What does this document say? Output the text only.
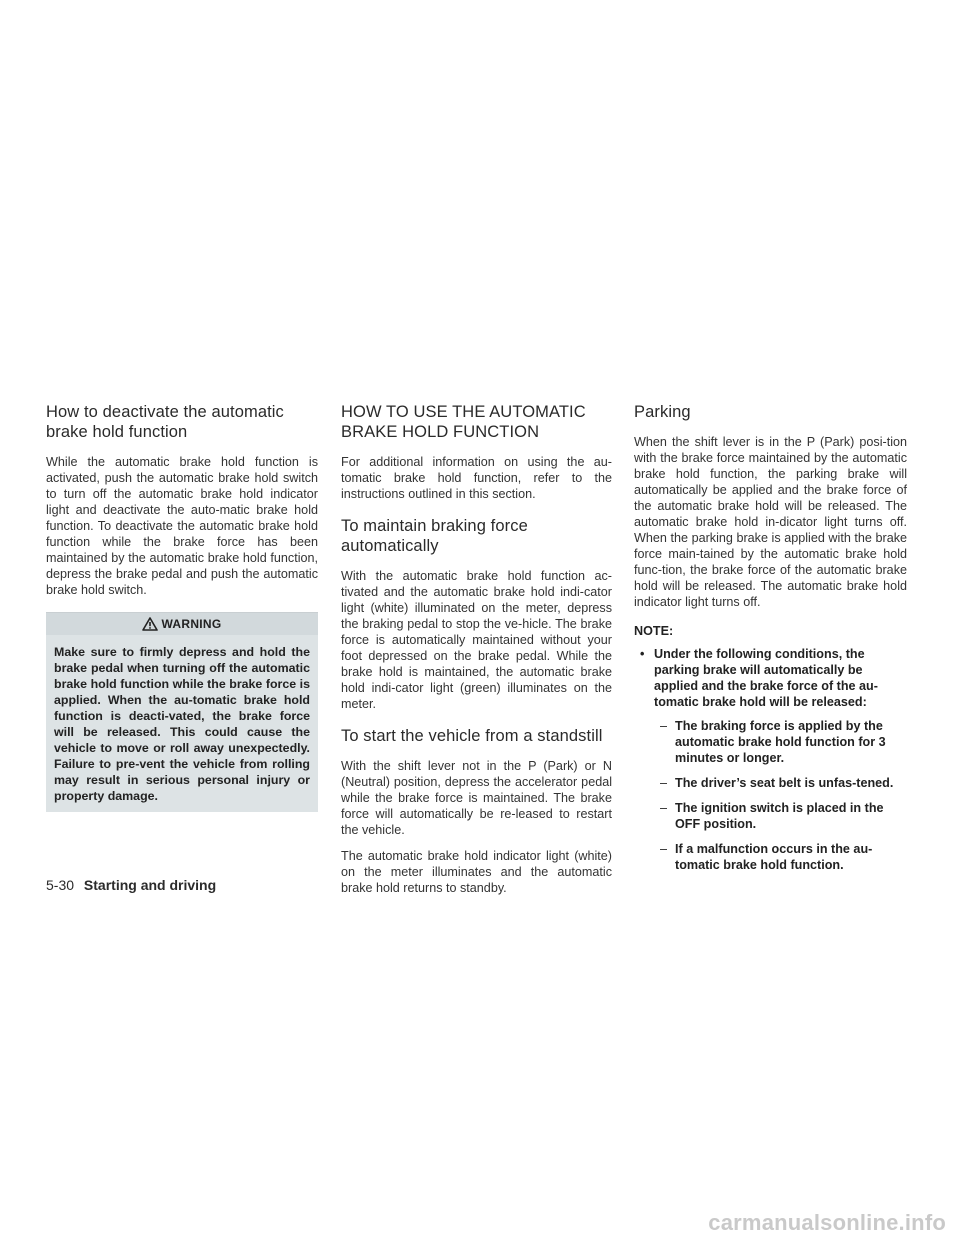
How to deactivate the automatic brake hold function

While the automatic brake hold function is activated, push the automatic brake hold switch to turn off the automatic brake hold indicator light and deactivate the auto-matic brake hold function. To deactivate the automatic brake hold function while the brake force has been maintained by the automatic brake hold function, depress the brake pedal and push the automatic brake hold switch.

WARNING
Make sure to firmly depress and hold the brake pedal when turning off the automatic brake hold function while the brake force is applied. When the au-tomatic brake hold function is deacti-vated, the brake force will be released. This could cause the vehicle to move or roll away unexpectedly. Failure to pre-vent the vehicle from rolling may result in serious personal injury or property damage.
HOW TO USE THE AUTOMATIC BRAKE HOLD FUNCTION

For additional information on using the au-tomatic brake hold function, refer to the instructions outlined in this section.

To maintain braking force automatically

With the automatic brake hold function ac-tivated and the automatic brake hold indi-cator light (white) illuminated on the meter, depress the braking pedal to stop the ve-hicle. The brake force is automatically maintained without your foot depressed on the brake pedal. While the brake hold is maintained, the automatic brake hold indi-cator light (green) illuminates on the meter.

To start the vehicle from a standstill

With the shift lever not in the P (Park) or N (Neutral) position, depress the accelerator pedal while the brake force is maintained. The brake force will automatically be re-leased to restart the vehicle.

The automatic brake hold indicator light (white) on the meter illuminates and the automatic brake hold returns to standby.

Parking

When the shift lever is in the P (Park) posi-tion with the brake force maintained by the automatic brake hold function, the parking brake will automatically be applied and the brake force of the automatic brake hold will be released. The automatic brake hold in-dicator light turns off. When the parking brake is applied with the brake force main-tained by the automatic brake hold func-tion, the brake force of the automatic brake hold will be released. The automatic brake hold indicator light turns off.

NOTE:
• Under the following conditions, the parking brake will automatically be applied and the brake force of the au-tomatic brake hold will be released:
– The braking force is applied by the automatic brake hold function for 3 minutes or longer.
– The driver’s seat belt is unfas-tened.
– The ignition switch is placed in the OFF position.
– If a malfunction occurs in the au-tomatic brake hold function.
5-30 Starting and driving
carmanualsonline.info
